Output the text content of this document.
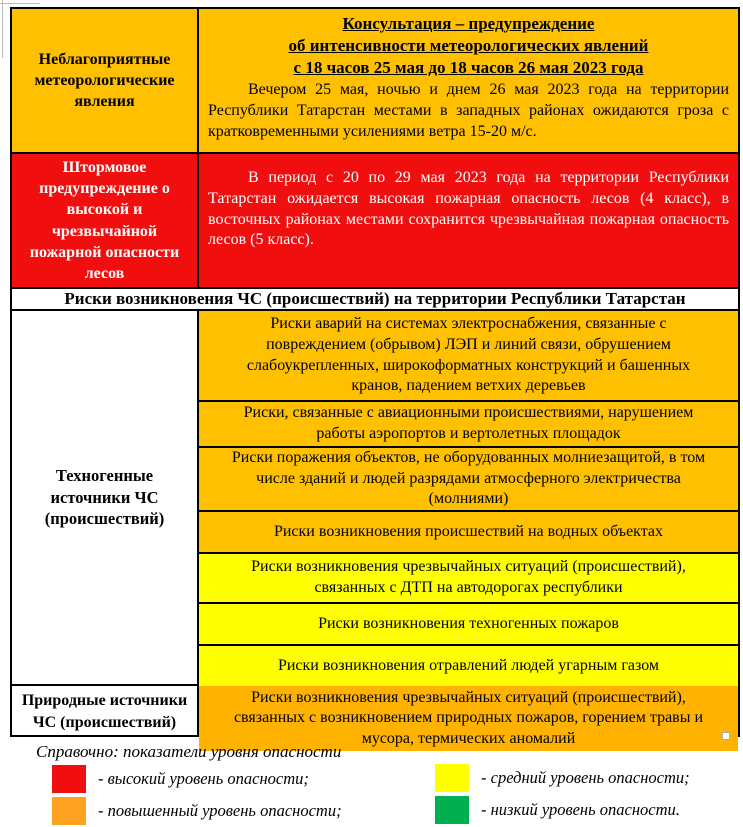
Неблагоприятные метеорологические явления
Консультация – предупреждение
об интенсивности метеорологических явлений
с 18 часов 25 мая до 18 часов 26 мая 2023 года
Вечером 25 мая, ночью и днем 26 мая 2023 года на территории Республики Татарстан местами в западных районах ожидаются гроза с кратковременными усилениями ветра 15-20 м/с.
Штормовое предупреждение о высокой и чрезвычайной пожарной опасности лесов
В период с 20 по 29 мая 2023 года на территории Республики Татарстан ожидается высокая пожарная опасность лесов (4 класс), в восточных районах местами сохранится чрезвычайная пожарная опасность лесов (5 класс).
Риски возникновения ЧС (происшествий) на территории Республики Татарстан
Техногенные источники ЧС (происшествий)
Риски аварий на системах электроснабжения, связанные с повреждением (обрывом) ЛЭП и линий связи, обрушением слабоукрепленных, широкоформатных конструкций и башенных кранов, падением ветхих деревьев
Риски, связанные с авиационными происшествиями, нарушением работы аэропортов и вертолетных площадок
Риски поражения объектов, не оборудованных молниезащитой, в том числе зданий и людей разрядами атмосферного электричества (молниями)
Риски возникновения происшествий на водных объектах
Риски возникновения чрезвычайных ситуаций (происшествий), связанных с ДТП на автодорогах республики
Риски возникновения техногенных пожаров
Риски возникновения отравлений людей угарным газом
Природные источники ЧС (происшествий)
Риски возникновения чрезвычайных ситуаций (происшествий), связанных с возникновением природных пожаров, горением травы и мусора, термических аномалий
Справочно: показатели уровня опасности
- высокий уровень опасности;	- средний уровень опасности;
- повышенный уровень опасности;	- низкий уровень опасности.
